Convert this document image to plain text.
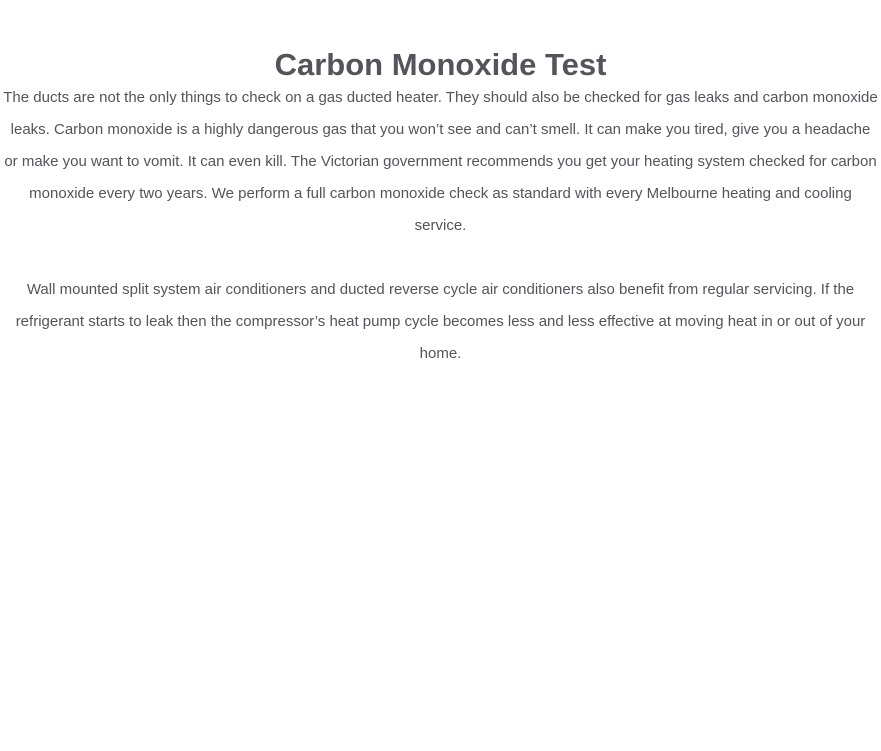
Carbon Monoxide Test

The ducts are not the only things to check on a gas ducted heater. They should also be checked for gas leaks and carbon monoxide leaks. Carbon monoxide is a highly dangerous gas that you won’t see and can’t smell. It can make you tired, give you a headache or make you want to vomit. It can even kill. The Victorian government recommends you get your heating system checked for carbon monoxide every two years. We perform a full carbon monoxide check as standard with every Melbourne heating and cooling service.

Wall mounted split system air conditioners and ducted reverse cycle air conditioners also benefit from regular servicing. If the refrigerant starts to leak then the compressor’s heat pump cycle becomes less and less effective at moving heat in or out of your home.
